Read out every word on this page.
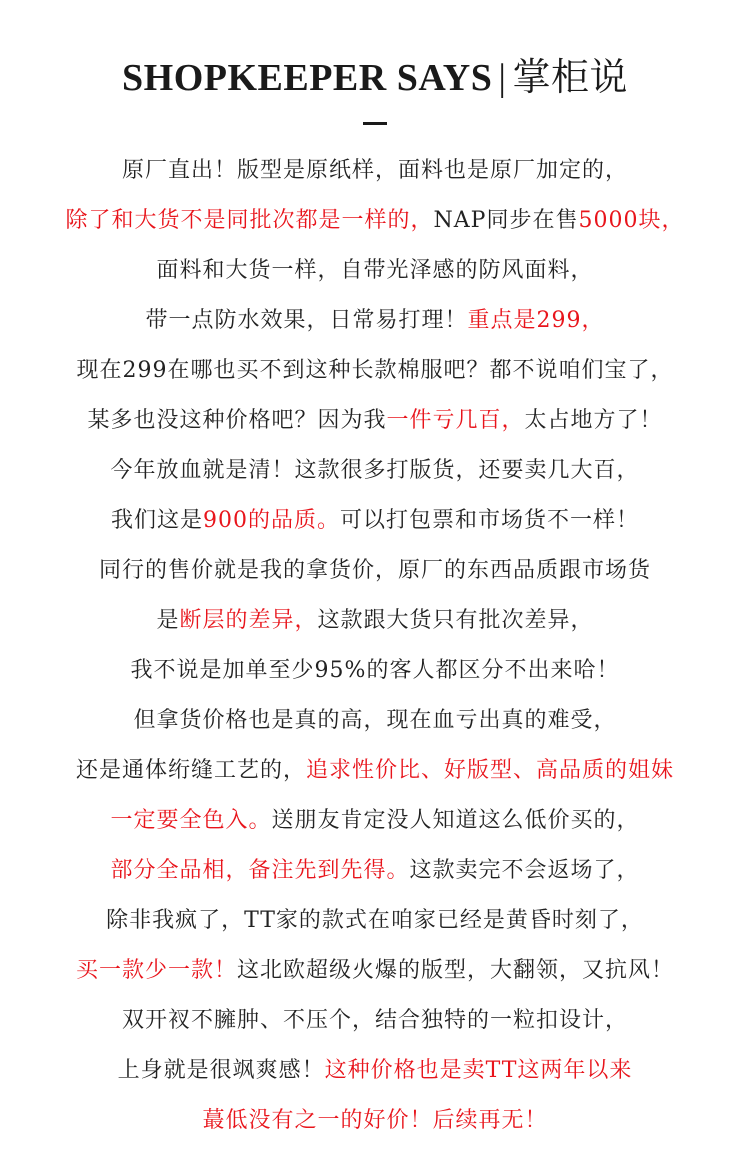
SHOPKEEPER SAYS | 掌柜说
原厂直出！版型是原纸样，面料也是原厂加定的，
除了和大货不是同批次都是一样的，NAP同步在售5000块，
面料和大货一样，自带光泽感的防风面料，
带一点防水效果，日常易打理！重点是299，
现在299在哪也买不到这种长款棉服吧？都不说咱们宝了，
某多也没这种价格吧？因为我一件亏几百，太占地方了！
今年放血就是清！这款很多打版货，还要卖几大百，
我们这是900的品质。可以打包票和市场货不一样！
同行的售价就是我的拿货价，原厂的东西品质跟市场货
是断层的差异，这款跟大货只有批次差异，
我不说是加单至少95%的客人都区分不出来哈！
但拿货价格也是真的高，现在血亏出真的难受，
还是通体绗缝工艺的，追求性价比、好版型、高品质的姐妹
一定要全色入。送朋友肯定没人知道这么低价买的，
部分全品相，备注先到先得。这款卖完不会返场了，
除非我疯了，TT家的款式在咱家已经是黄昏时刻了，
买一款少一款！这北欧超级火爆的版型，大翻领，又抗风！
双开衩不臃肿、不压个，结合独特的一粒扣设计，
上身就是很飒爽感！这种价格也是卖TT这两年以来
蕞低没有之一的好价！后续再无！
